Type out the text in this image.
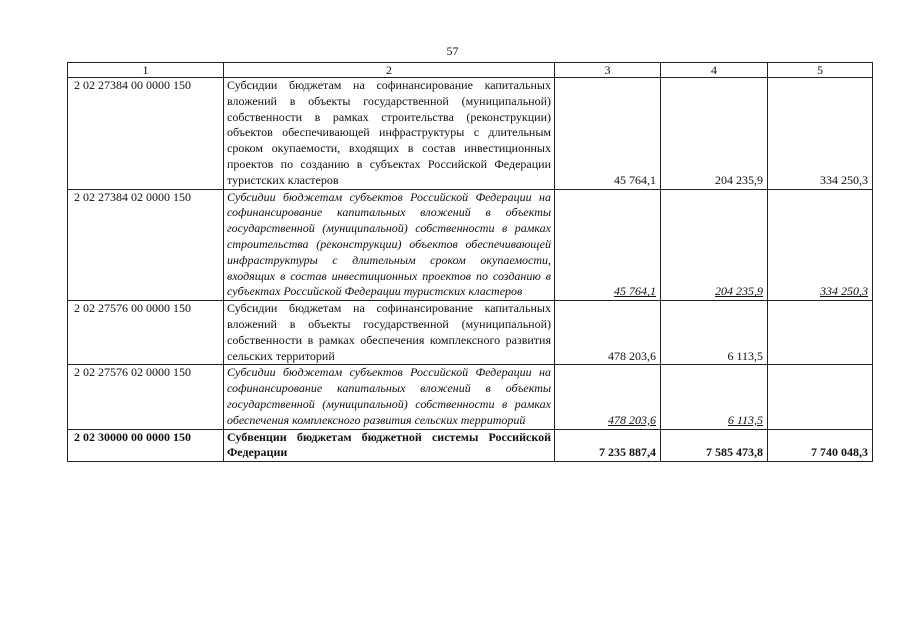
57
1	2	3	4	5
2 02 27384 00 0000 150	Субсидии бюджетам на софинансирование капитальных вложений в объекты государственной (муниципальной) собственности в рамках строительства (реконструкции) объектов обеспечивающей инфраструктуры с длительным сроком окупаемости, входящих в состав инвестиционных проектов по созданию в субъектах Российской Федерации туристских кластеров	45 764,1	204 235,9	334 250,3
2 02 27384 02 0000 150	Субсидии бюджетам субъектов Российской Федерации на софинансирование капитальных вложений в объекты государственной (муниципальной) собственности в рамках строительства (реконструкции) объектов обеспечивающей инфраструктуры с длительным сроком окупаемости, входящих в состав инвестиционных проектов по созданию в субъектах Российской Федерации туристских кластеров	45 764,1	204 235,9	334 250,3
2 02 27576 00 0000 150	Субсидии бюджетам на софинансирование капитальных вложений в объекты государственной (муниципальной) собственности в рамках обеспечения комплексного развития сельских территорий	478 203,6	6 113,5	
2 02 27576 02 0000 150	Субсидии бюджетам субъектов Российской Федерации на софинансирование капитальных вложений в объекты государственной (муниципальной) собственности в рамках обеспечения комплексного развития сельских территорий	478 203,6	6 113,5	
2 02 30000 00 0000 150	Субвенции бюджетам бюджетной системы Российской Федерации	7 235 887,4	7 585 473,8	7 740 048,3
